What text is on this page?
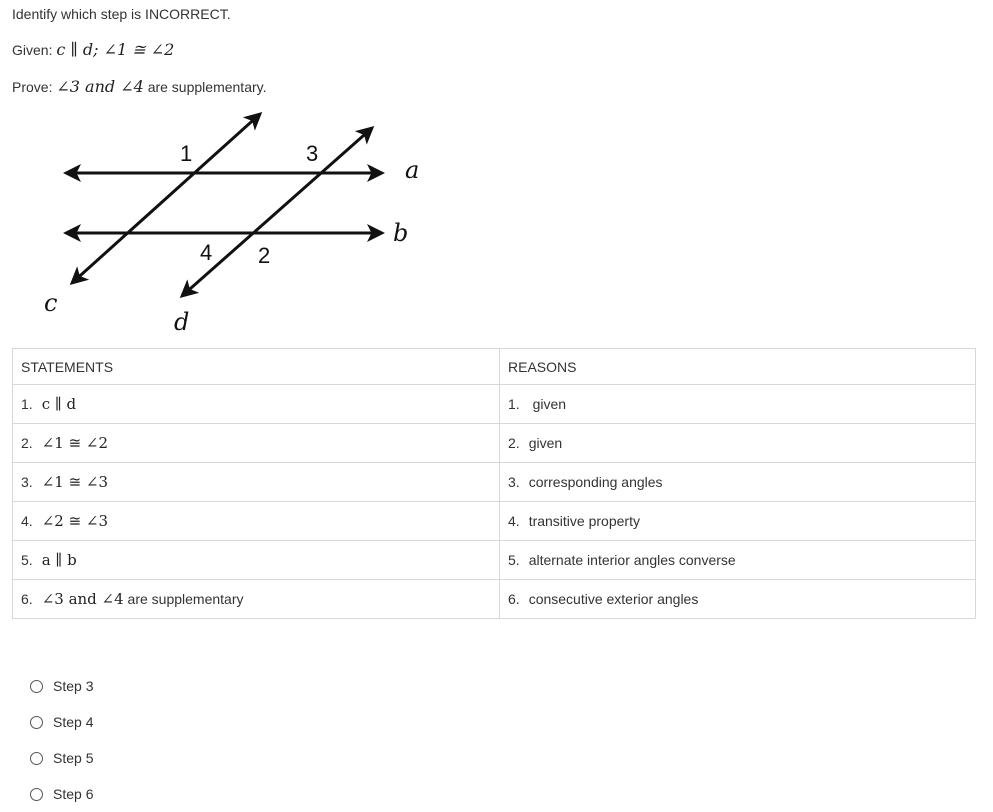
Identify which step is INCORRECT.
Given: c ∥ d; ∠1 ≅ ∠2
Prove: ∠3 and ∠4 are supplementary.
a
b
c
d
1	3
4 2
STATEMENTS	REASONS
1. c ∥ d	1. given
2. ∠1 ≅ ∠2	2. given
3. ∠1 ≅ ∠3	3. corresponding angles
4. ∠2 ≅ ∠3	4. transitive property
5. a ∥ b	5. alternate interior angles converse
6. ∠3 and ∠4 are supplementary	6. consecutive exterior angles
Step 3
Step 4
Step 5
Step 6
